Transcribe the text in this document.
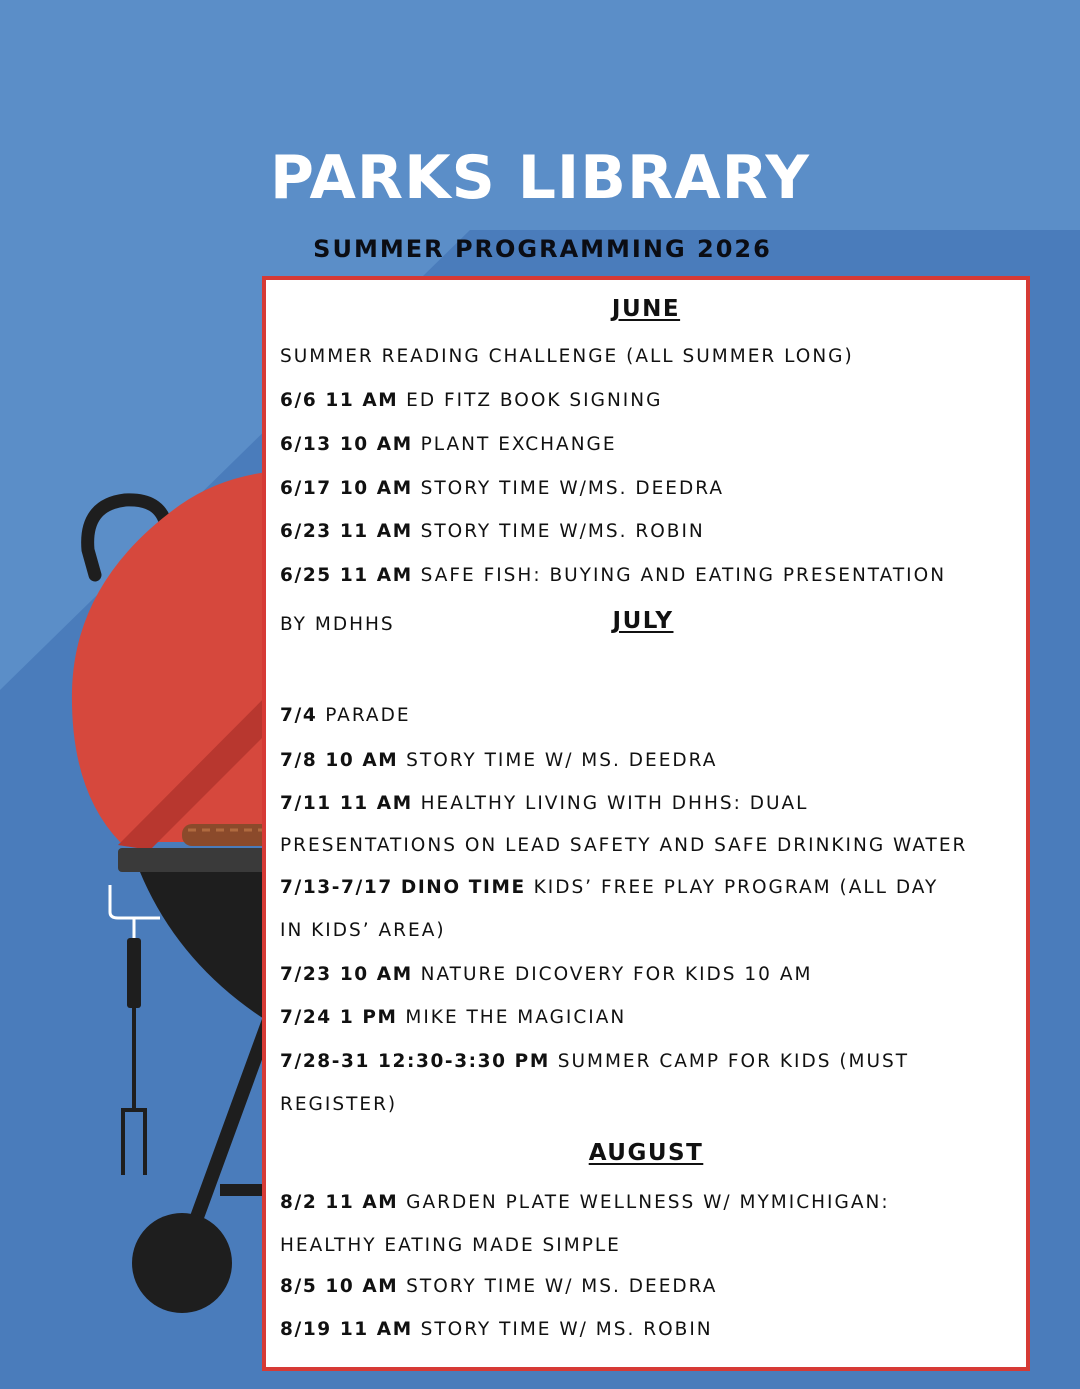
PARKS LIBRARY
SUMMER PROGRAMMING 2026
JUNE
SUMMER READING CHALLENGE (ALL SUMMER LONG)
6/6 11 AM ED FITZ BOOK SIGNING
6/13 10 AM PLANT EXCHANGE
6/17 10 AM STORY TIME W/MS. DEEDRA
6/23 11 AM STORY TIME W/MS. ROBIN
6/25 11 AM SAFE FISH: BUYING AND EATING PRESENTATION
BY MDHHS	JULY
7/4 PARADE
7/8 10 AM STORY TIME W/ MS. DEEDRA
7/11 11 AM HEALTHY LIVING WITH DHHS: DUAL
PRESENTATIONS ON LEAD SAFETY AND SAFE DRINKING WATER
7/13-7/17 DINO TIME KIDS’ FREE PLAY PROGRAM (ALL DAY
IN KIDS’ AREA)
7/23 10 AM NATURE DICOVERY FOR KIDS 10 AM
7/24 1 PM MIKE THE MAGICIAN
7/28-31 12:30-3:30 PM SUMMER CAMP FOR KIDS (MUST
REGISTER)
AUGUST
8/2 11 AM GARDEN PLATE WELLNESS W/ MYMICHIGAN:
HEALTHY EATING MADE SIMPLE
8/5 10 AM STORY TIME W/ MS. DEEDRA
8/19 11 AM STORY TIME W/ MS. ROBIN
